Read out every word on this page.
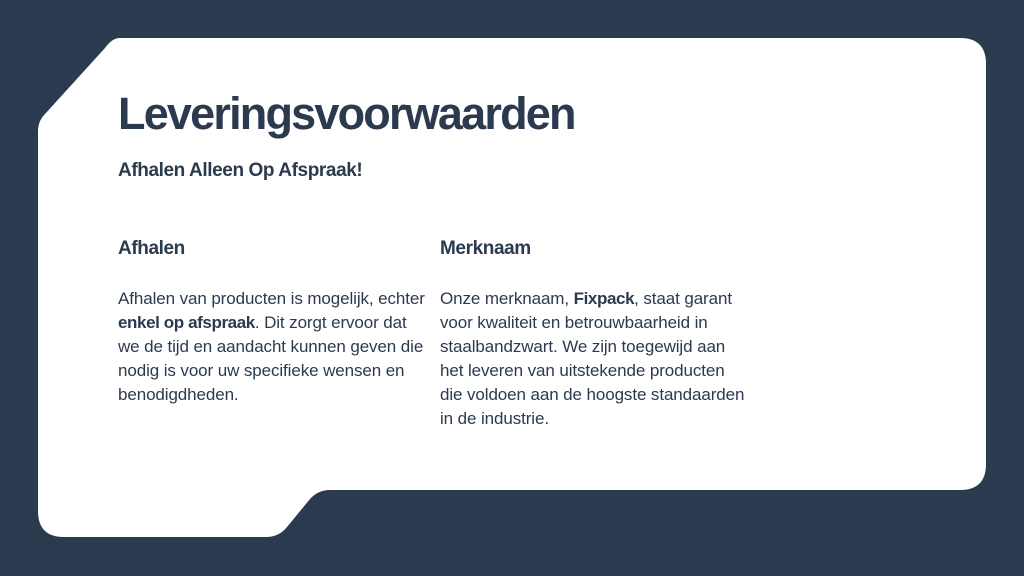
Leveringsvoorwaarden
Afhalen Alleen Op Afspraak!
Afhalen

Afhalen van producten is mogelijk, echter enkel op afspraak. Dit zorgt ervoor dat we de tijd en aandacht kunnen geven die nodig is voor uw specifieke wensen en benodigdheden.

Merknaam

Onze merknaam, Fixpack, staat garant voor kwaliteit en betrouwbaarheid in staalbandzwart. We zijn toegewijd aan het leveren van uitstekende producten die voldoen aan de hoogste standaarden in de industrie.
